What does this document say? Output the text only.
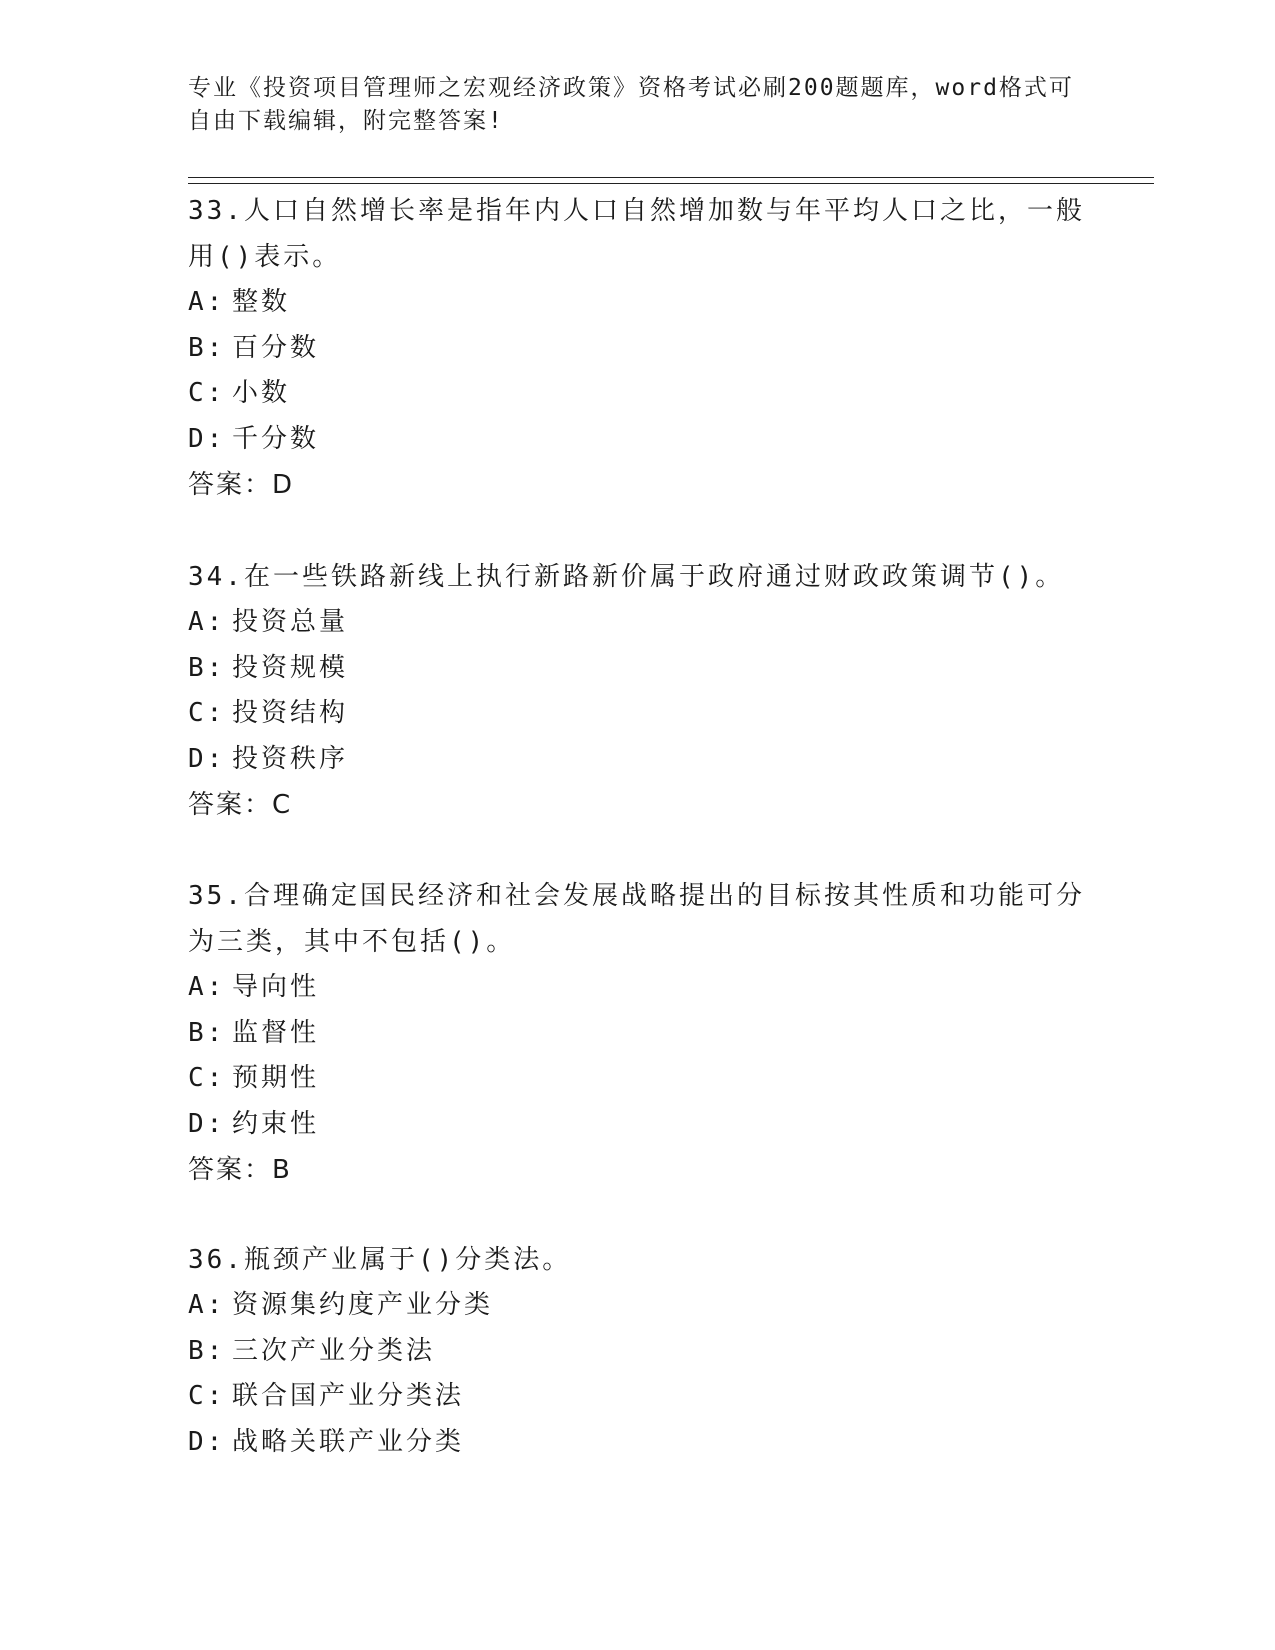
专业《投资项目管理师之宏观经济政策》资格考试必刷200题题库，word格式可
自由下载编辑，附完整答案!
33.人口自然增长率是指年内人口自然增加数与年平均人口之比，一般用()表示。
A: 整数
B: 百分数
C: 小数
D: 千分数
答案：D
34.在一些铁路新线上执行新路新价属于政府通过财政政策调节()。
A: 投资总量
B: 投资规模
C: 投资结构
D: 投资秩序
答案：C
35.合理确定国民经济和社会发展战略提出的目标按其性质和功能可分为三类，其中不包括()。
A: 导向性
B: 监督性
C: 预期性
D: 约束性
答案：B
36.瓶颈产业属于()分类法。
A: 资源集约度产业分类
B: 三次产业分类法
C: 联合国产业分类法
D: 战略关联产业分类
